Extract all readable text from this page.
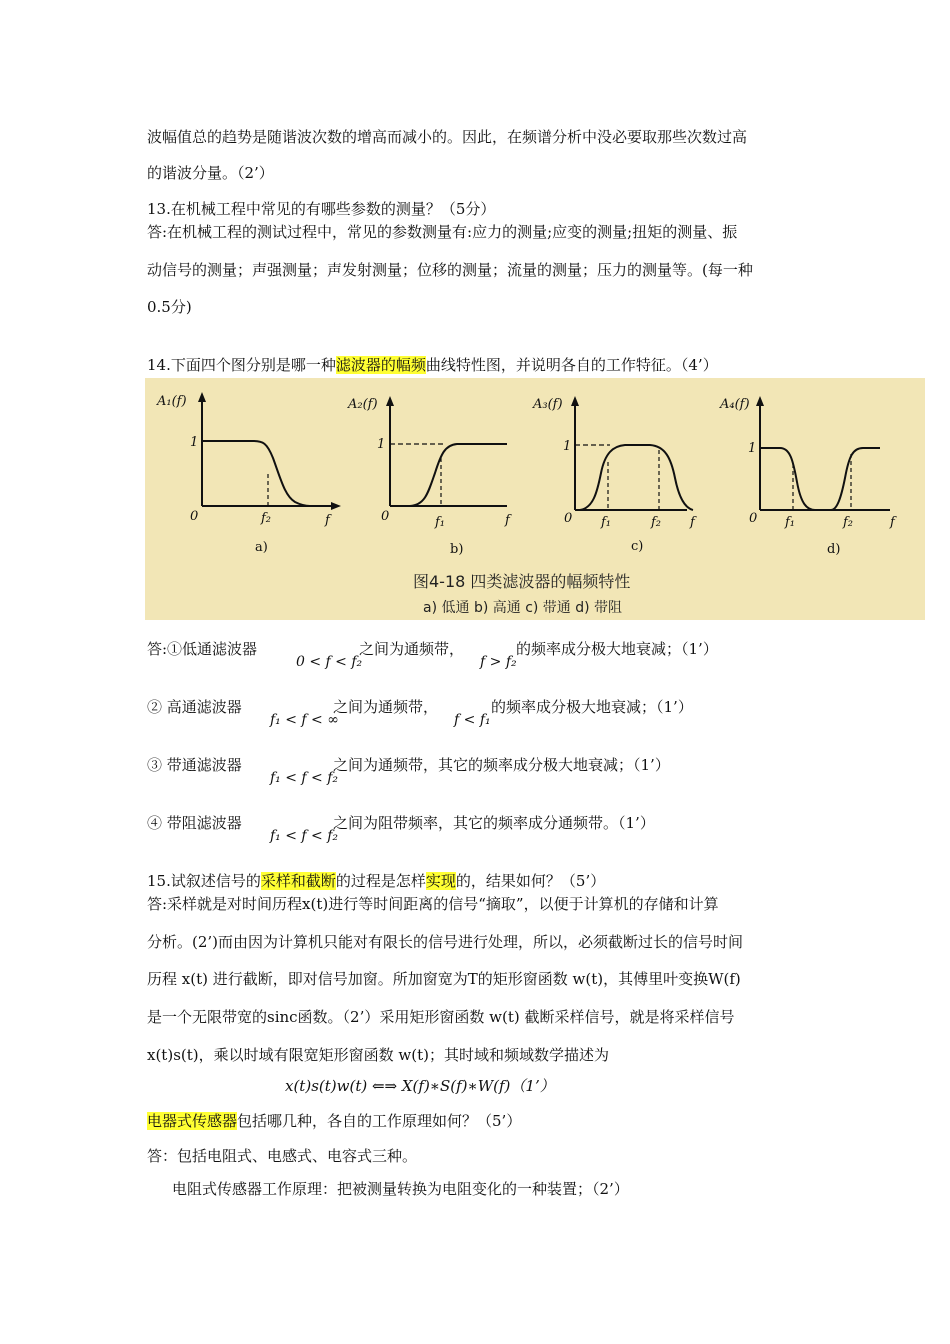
波幅值总的趋势是随谐波次数的增高而减小的。因此，在频谱分析中没必要取那些次数过高
的谐波分量。（2’）
13.在机械工程中常见的有哪些参数的测量？（5分）
答:在机械工程的测试过程中，常见的参数测量有:应力的测量;应变的测量;扭矩的测量、振
动信号的测量；声强测量；声发射测量；位移的测量；流量的测量；压力的测量等。(每一种
0.5分)
14.下面四个图分别是哪一种滤波器的幅频曲线特性图，并说明各自的工作特征。（4’）
A₁(f)
1
0	f₂	f
a)
A₂(f)
1
0	f₁	f
b)
A₃(f)
1
0 f₁	f₂ f
c)
A₄(f)
1
0 f₁	f₂	f
d)
图4-18 四类滤波器的幅频特性
a) 低通 b) 高通 c) 带通 d) 带阻
答:①低通滤波器
0 < f < f₂
之间为通频带，
f > f₂
的频率成分极大地衰减；（1’）
② 高通滤波器
f₁ < f < ∞
之间为通频带，
f < f₁
的频率成分极大地衰减；（1’）
③ 带通滤波器
f₁ < f < f₂
之间为通频带，其它的频率成分极大地衰减；（1’）
④ 带阻滤波器
f₁ < f < f₂
之间为阻带频率，其它的频率成分通频带。（1’）
15.试叙述信号的采样和截断的过程是怎样实现的，结果如何？（5’）
答:采样就是对时间历程x(t)进行等时间距离的信号“摘取”，以便于计算机的存储和计算
分析。(2’)而由因为计算机只能对有限长的信号进行处理，所以，必须截断过长的信号时间
历程 x(t) 进行截断，即对信号加窗。所加窗宽为T的矩形窗函数 w(t)，其傅里叶变换W(f)
是一个无限带宽的sinc函数。（2’）采用矩形窗函数 w(t) 截断采样信号，就是将采样信号
x(t)s(t)，乘以时域有限宽矩形窗函数 w(t)；其时域和频域数学描述为
x(t)s(t)w(t) ⇐⇒ X(f)∗S(f)∗W(f)（1’）
电器式传感器包括哪几种，各自的工作原理如何？（5’）
答：包括电阻式、电感式、电容式三种。
电阻式传感器工作原理：把被测量转换为电阻变化的一种装置；（2’）
